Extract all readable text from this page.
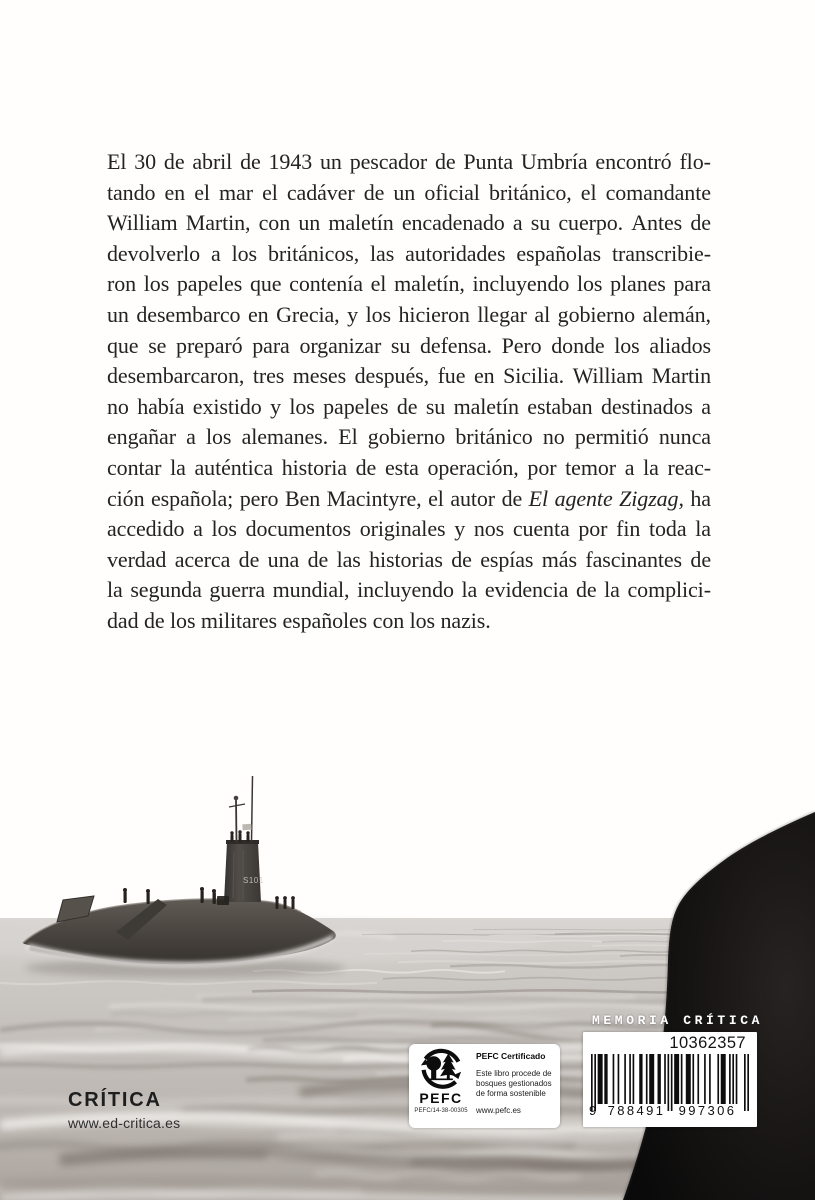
El 30 de abril de 1943 un pescador de Punta Umbría encontró flo-
tando en el mar el cadáver de un oficial británico, el comandante
William Martin, con un maletín encadenado a su cuerpo. Antes de
devolverlo a los británicos, las autoridades españolas transcribie-
ron los papeles que contenía el maletín, incluyendo los planes para
un desembarco en Grecia, y los hicieron llegar al gobierno alemán,
que se preparó para organizar su defensa. Pero donde los aliados
desembarcaron, tres meses después, fue en Sicilia. William Martin
no había existido y los papeles de su maletín estaban destinados a
engañar a los alemanes. El gobierno británico no permitió nunca
contar la auténtica historia de esta operación, por temor a la reac-
ción española; pero Ben Macintyre, el autor de El agente Zigzag, ha
accedido a los documentos originales y nos cuenta por fin toda la
verdad acerca de una de las historias de espías más fascinantes de
la segunda guerra mundial, incluyendo la evidencia de la complici-
dad de los militares españoles con los nazis.
S101
MEMORIA CRÍTICA
10362357
9 788491	997306
PEFC
PEFC/14-38-00305
PEFC Certificado
Este libro procede de
bosques gestionados
de forma sostenible
www.pefc.es
CRÍTICA
www.ed-critica.es
